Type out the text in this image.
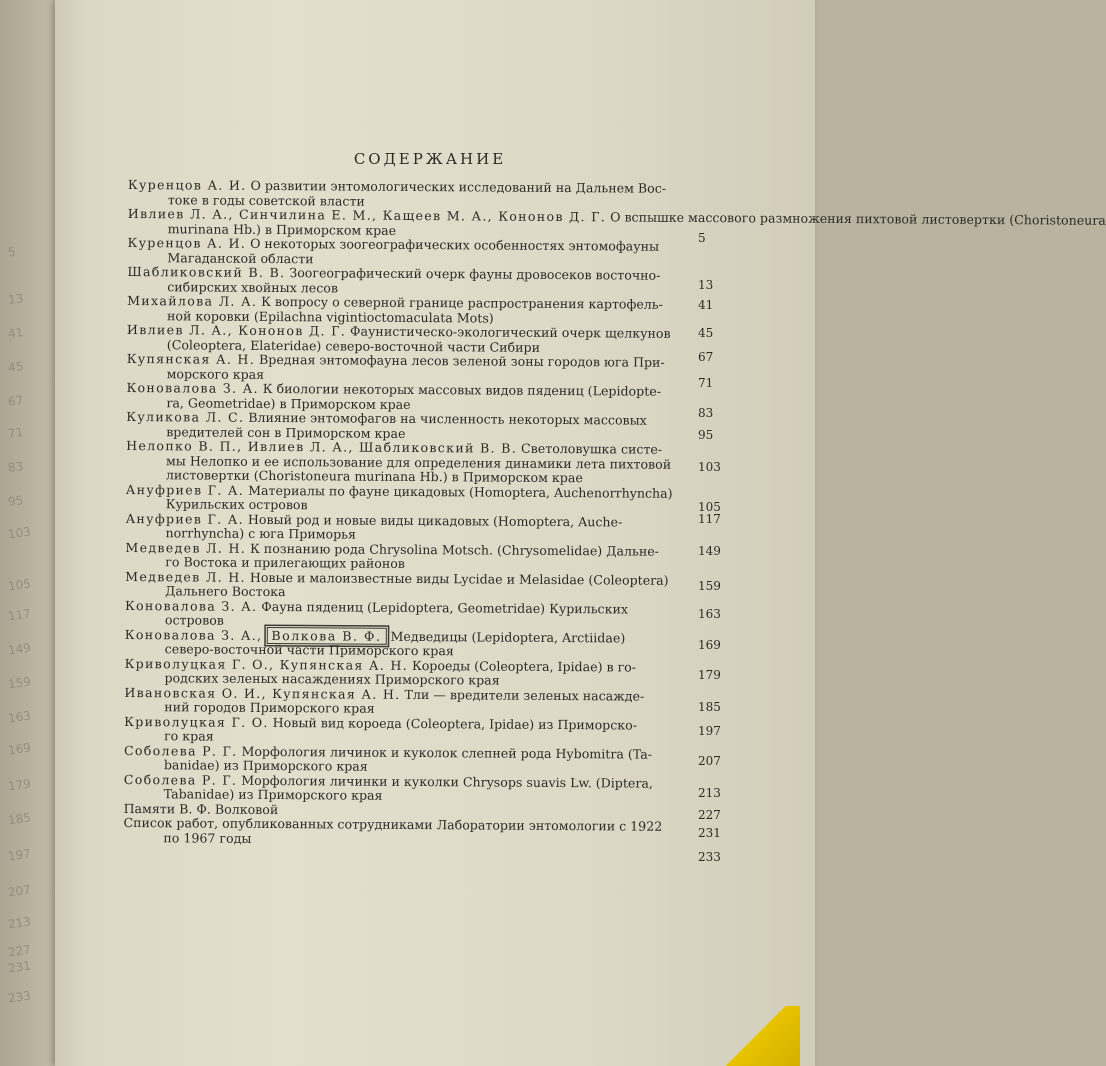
5
13
41
45
67
71
83
95
103
105
117
149
159
163
169
179
185
197
207
213
227
231
233
СОДЕРЖАНИЕ
Куренцов А. И. О развитии энтомологических исследований на Дальнем Вос-
токе в годы советской власти
Ивлиев Л. А., Синчилина Е. М., Кащеев М. А., Кононов Д. Г. О вспышке массового размножения пихтовой листовертки (Choristoneura
murinana Hb.) в Приморском крае
Куренцов А. И. О некоторых зоогеографических особенностях энтомофауны
Магаданской области
Шабликовский В. В. Зоогеографический очерк фауны дровосеков восточно-
сибирских хвойных лесов
Михайлова Л. А. К вопросу о северной границе распространения картофель-
ной коровки (Epilachna vigintioctomaculata Mots)
Ивлиев Л. А., Кононов Д. Г. Фаунистическо-экологический очерк щелкунов
(Coleoptera, Elateridae) северо-восточной части Сибири
Купянская А. Н. Вредная энтомофауна лесов зеленой зоны городов юга При-
морского края
Коновалова З. А. К биологии некоторых массовых видов пядениц (Lepidopte-
ra, Geometridae) в Приморском крае
Куликова Л. С. Влияние энтомофагов на численность некоторых массовых
вредителей сон в Приморском крае
Нелопко В. П., Ивлиев Л. А., Шабликовский В. В. Светоловушка систе-
мы Нелопко и ее использование для определения динамики лета пихтовой
листовертки (Choristoneura murinana Hb.) в Приморском крае
Ануфриев Г. А. Материалы по фауне цикадовых (Homoptera, Auchenorrhyncha)
Курильских островов
Ануфриев Г. А. Новый род и новые виды цикадовых (Homoptera, Auche-
norrhyncha) с юга Приморья
Медведев Л. Н. К познанию рода Chrysolina Motsch. (Chrysomelidae) Дальне-
го Востока и прилегающих районов
Медведев Л. Н. Новые и малоизвестные виды Lycidae и Melasidae (Coleoptera)
Дальнего Востока
Коновалова З. А. Фауна пядениц (Lepidoptera, Geometridae) Курильских
островов
Коновалова З. А., Волкова В. Ф. Медведицы (Lepidoptera, Arctiidae)
северо-восточной части Приморского края
Криволуцкая Г. О., Купянская А. Н. Короеды (Coleoptera, Ipidae) в го-
родских зеленых насаждениях Приморского края
Ивановская О. И., Купянская А. Н. Тли — вредители зеленых насажде-
ний городов Приморского края
Криволуцкая Г. О. Новый вид короеда (Coleoptera, Ipidae) из Приморско-
го края
Соболева Р. Г. Морфология личинок и куколок слепней рода Hybomitra (Ta-
banidae) из Приморского края
Соболева Р. Г. Морфология личинки и куколки Chrysops suavis Lw. (Diptera,
Tabanidae) из Приморского края
Памяти В. Ф. Волковой
Список работ, опубликованных сотрудниками Лаборатории энтомологии с 1922
по 1967 годы
5
13
41
45
67
71
83
95
103
105
117
149
159
163
169
179
185
197
207
213
227
231
233
